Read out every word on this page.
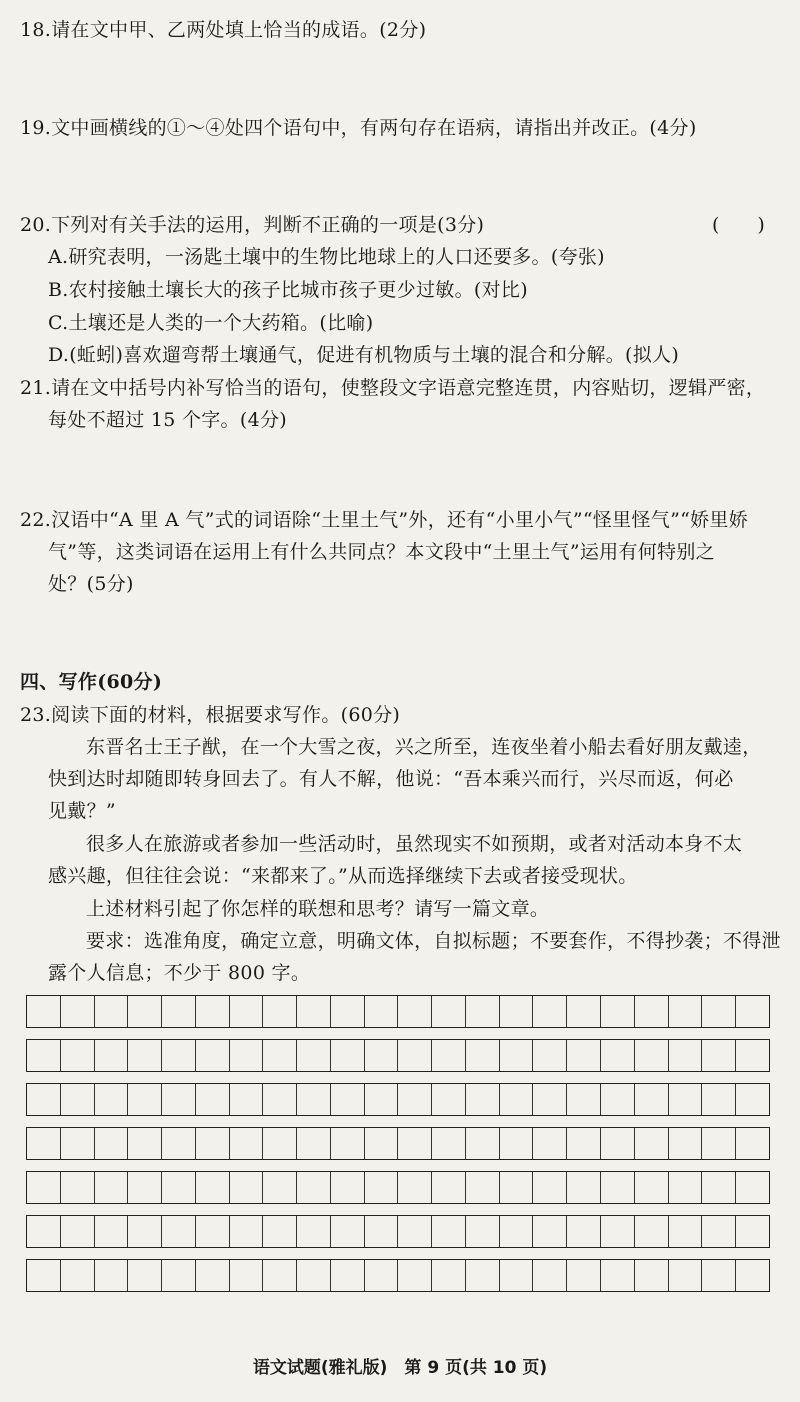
18.请在文中甲、乙两处填上恰当的成语。(2分)
19.文中画横线的①～④处四个语句中，有两句存在语病，请指出并改正。(4分)
20.下列对有关手法的运用，判断不正确的一项是(3分)	(　　)
A.研究表明，一汤匙土壤中的生物比地球上的人口还要多。(夸张)
B.农村接触土壤长大的孩子比城市孩子更少过敏。(对比)
C.土壤还是人类的一个大药箱。(比喻)
D.(蚯蚓)喜欢遛弯帮土壤通气，促进有机物质与土壤的混合和分解。(拟人)
21.请在文中括号内补写恰当的语句，使整段文字语意完整连贯，内容贴切，逻辑严密，
每处不超过 15 个字。(4分)
22.汉语中“A 里 A 气”式的词语除“土里土气”外，还有“小里小气”“怪里怪气”“娇里娇
气”等，这类词语在运用上有什么共同点？本文段中“土里土气”运用有何特别之
处？(5分)
四、写作(60分)
23.阅读下面的材料，根据要求写作。(60分)
东晋名士王子猷，在一个大雪之夜，兴之所至，连夜坐着小船去看好朋友戴逵，
快到达时却随即转身回去了。有人不解，他说：“吾本乘兴而行，兴尽而返，何必
见戴？”
很多人在旅游或者参加一些活动时，虽然现实不如预期，或者对活动本身不太
感兴趣，但往往会说：“来都来了。”从而选择继续下去或者接受现状。
上述材料引起了你怎样的联想和思考？请写一篇文章。
要求：选准角度，确定立意，明确文体，自拟标题；不要套作，不得抄袭；不得泄
露个人信息；不少于 800 字。
语文试题(雅礼版)　第 9 页(共 10 页)
